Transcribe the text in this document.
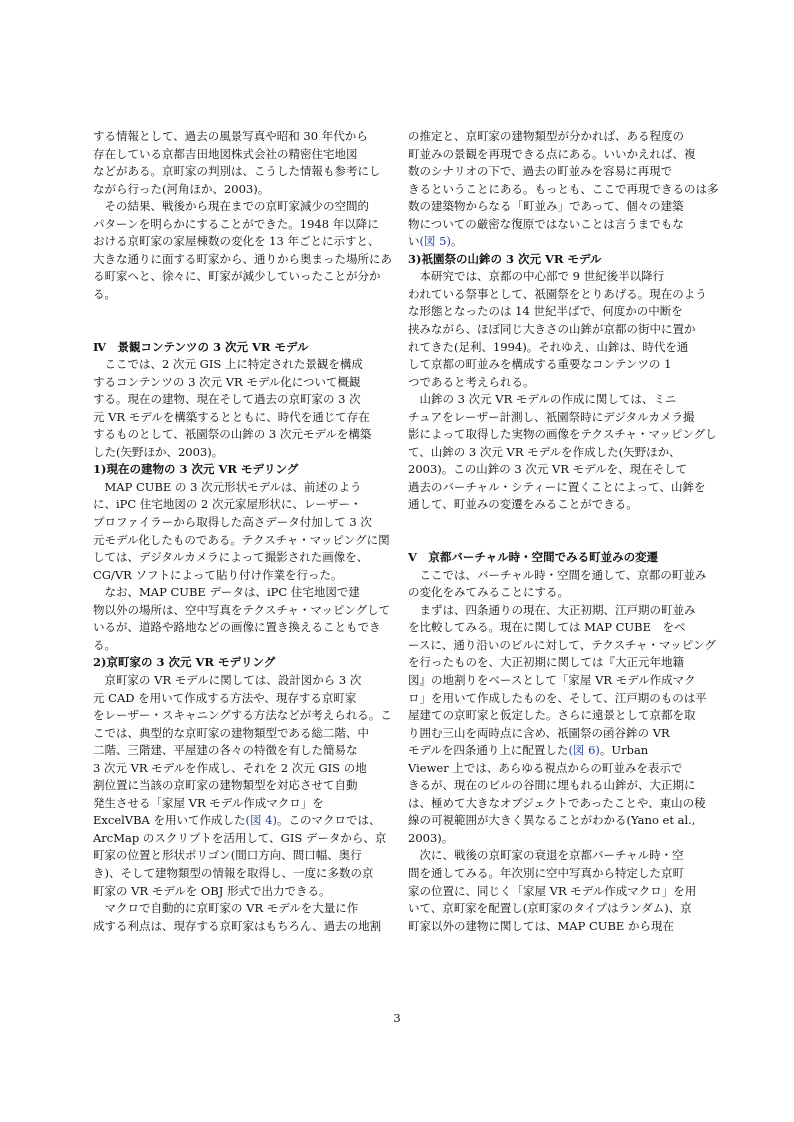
する情報として、過去の風景写真や昭和 30 年代から
存在している京都吉田地図株式会社の精密住宅地図
などがある。京町家の判別は、こうした情報も参考にし
ながら行った(河角ほか、2003)。
　その結果、戦後から現在までの京町家減少の空間的
パターンを明らかにすることができた。1948 年以降に
おける京町家の家屋棟数の変化を 13 年ごとに示すと、
大きな通りに面する町家から、通りから奥まった場所にあ
る町家へと、徐々に、町家が減少していったことが分か
る。
Ⅳ　景観コンテンツの 3 次元 VR モデル
　ここでは、2 次元 GIS 上に特定された景観を構成
するコンテンツの 3 次元 VR モデル化について概観
する。現在の建物、現在そして過去の京町家の 3 次
元 VR モデルを構築するとともに、時代を通じて存在
するものとして、祇園祭の山鉾の 3 次元モデルを構築
した(矢野ほか、2003)。
1)現在の建物の 3 次元 VR モデリング
　MAP CUBE の 3 次元形状モデルは、前述のよう
に、iPC 住宅地図の 2 次元家屋形状に、レーザー・
プロファイラーから取得した高さデータ付加して 3 次
元モデル化したものである。テクスチャ・マッピングに関
しては、デジタルカメラによって撮影された画像を、
CG/VR ソフトによって貼り付け作業を行った。
　なお、MAP CUBE データは、iPC 住宅地図で建
物以外の場所は、空中写真をテクスチャ・マッピングして
いるが、道路や路地などの画像に置き換えることもでき
る。
2)京町家の 3 次元 VR モデリング
　京町家の VR モデルに関しては、設計図から 3 次
元 CAD を用いて作成する方法や、現存する京町家
をレーザー・スキャニングする方法などが考えられる。こ
こでは、典型的な京町家の建物類型である総二階、中
二階、三階建、平屋建の各々の特徴を有した簡易な
3 次元 VR モデルを作成し、それを 2 次元 GIS の地
割位置に当該の京町家の建物類型を対応させて自動
発生させる「家屋 VR モデル作成マクロ」を
ExcelVBA を用いて作成した(図 4)。このマクロでは、
ArcMap のスクリプトを活用して、GIS データから、京
町家の位置と形状ポリゴン(間口方向、間口幅、奥行
き)、そして建物類型の情報を取得し、一度に多数の京
町家の VR モデルを OBJ 形式で出力できる。
　マクロで自動的に京町家の VR モデルを大量に作
成する利点は、現存する京町家はもちろん、過去の地割
の推定と、京町家の建物類型が分かれば、ある程度の
町並みの景観を再現できる点にある。いいかえれば、複
数のシナリオの下で、過去の町並みを容易に再現で
きるということにある。もっとも、ここで再現できるのは多
数の建築物からなる「町並み」であって、個々の建築
物についての厳密な復原ではないことは言うまでもな
い(図 5)。
3)祇園祭の山鉾の 3 次元 VR モデル
　本研究では、京都の中心部で 9 世紀後半以降行
われている祭事として、祇園祭をとりあげる。現在のよう
な形態となったのは 14 世紀半ばで、何度かの中断を
挟みながら、ほぼ同じ大きさの山鉾が京都の街中に置か
れてきた(足利、1994)。それゆえ、山鉾は、時代を通
して京都の町並みを構成する重要なコンテンツの 1
つであると考えられる。
　山鉾の 3 次元 VR モデルの作成に関しては、ミニ
チュアをレーザー計測し、祇園祭時にデジタルカメラ撮
影によって取得した実物の画像をテクスチャ・マッピングし
て、山鉾の 3 次元 VR モデルを作成した(矢野ほか、
2003)。この山鉾の 3 次元 VR モデルを、現在そして
過去のバーチャル・シティーに置くことによって、山鉾を
通して、町並みの変遷をみることができる。
Ⅴ　京都バーチャル時・空間でみる町並みの変遷
　ここでは、バーチャル時・空間を通して、京都の町並み
の変化をみてみることにする。
　まずは、四条通りの現在、大正初期、江戸期の町並み
を比較してみる。現在に関しては MAP CUBE　をベ
ースに、通り沿いのビルに対して、テクスチャ・マッピング
を行ったものを、大正初期に関しては『大正元年地籍
図』の地割りをベースとして「家屋 VR モデル作成マク
ロ」を用いて作成したものを、そして、江戸期のものは平
屋建ての京町家と仮定した。さらに遠景として京都を取
り囲む三山を両時点に含め、祇園祭の函谷鉾の VR
モデルを四条通り上に配置した(図 6)。Urban
Viewer 上では、あらゆる視点からの町並みを表示で
きるが、現在のビルの谷間に埋もれる山鉾が、大正期に
は、極めて大きなオブジェクトであったことや、東山の稜
線の可視範囲が大きく異なることがわかる(Yano et al.,
2003)。
　次に、戦後の京町家の衰退を京都バーチャル時・空
間を通してみる。年次別に空中写真から特定した京町
家の位置に、同じく「家屋 VR モデル作成マクロ」を用
いて、京町家を配置し(京町家のタイプはランダム)、京
町家以外の建物に関しては、MAP CUBE から現在
3
